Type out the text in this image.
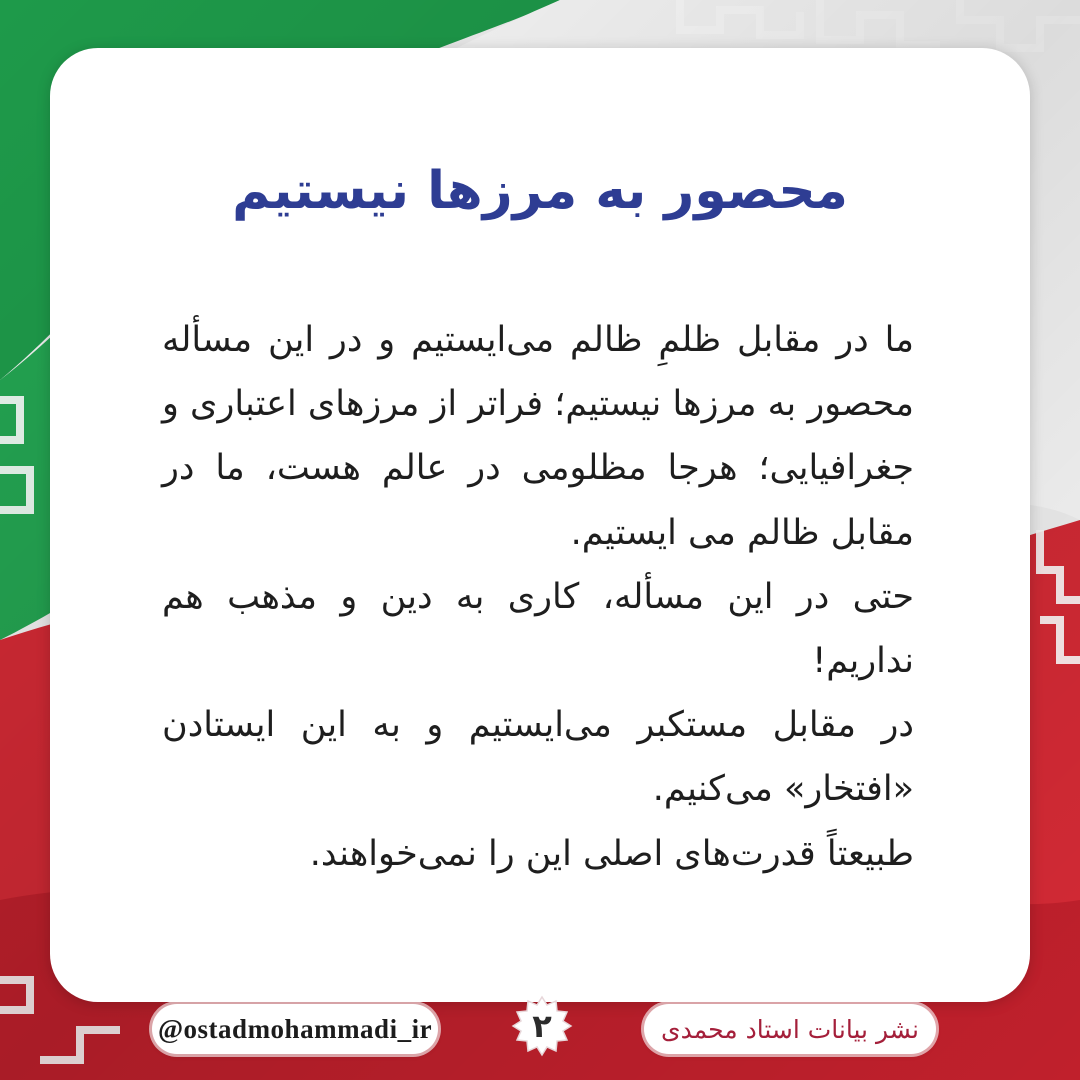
محصور به مرزها نیستیم

ما در مقابل ظلمِ ظالم می‌ایستیم و در این مسأله محصور به مرزها نیستیم؛ فراتر از مرزهای اعتباری و جغرافیایی؛ هرجا مظلومی در عالم هست، ما در مقابل ظالم می ایستیم.

حتی در این مسأله، کاری به دین و مذهب هم نداریم!

در مقابل مستکبر می‌ایستیم و به این ایستادن «افتخار» می‌کنیم.

طبیعتاً قدرت‌های اصلی این را نمی‌خواهند.

@ostadmohammadi_ir	۲	نشر بیانات استاد محمدی
